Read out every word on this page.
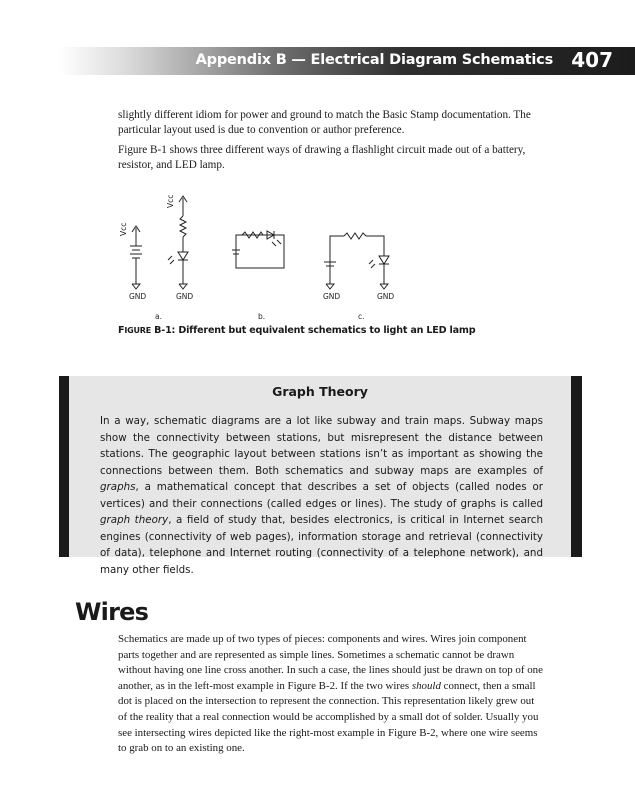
Appendix B — Electrical Diagram Schematics 407

slightly different idiom for power and ground to match the Basic Stamp documentation. The particular layout used is due to convention or author preference.

Figure B-1 shows three different ways of drawing a flashlight circuit made out of a battery, resistor, and LED lamp.

Vcc
Vcc
GND	GND	GND	GND
a.	b.	c.
FIGURE B-1: Different but equivalent schematics to light an LED lamp
Graph Theory

In a way, schematic diagrams are a lot like subway and train maps. Subway maps show the connectivity between stations, but misrepresent the distance between stations. The geographic layout between stations isn’t as important as showing the connections between them. Both schematics and subway maps are examples of graphs, a mathematical concept that describes a set of objects (called nodes or vertices) and their connections (called edges or lines). The study of graphs is called graph theory, a field of study that, besides electronics, is critical in Internet search engines (connectivity of web pages), information storage and retrieval (connectivity of data), telephone and Internet routing (connectivity of a telephone network), and many other fields.

Wires

Schematics are made up of two types of pieces: components and wires. Wires join component parts together and are represented as simple lines. Sometimes a schematic cannot be drawn without having one line cross another. In such a case, the lines should just be drawn on top of one another, as in the left-most example in Figure B-2. If the two wires should connect, then a small dot is placed on the intersection to represent the connection. This representation likely grew out of the reality that a real connection would be accomplished by a small dot of solder. Usually you see intersecting wires depicted like the right-most example in Figure B-2, where one wire seems to grab on to an existing one.
